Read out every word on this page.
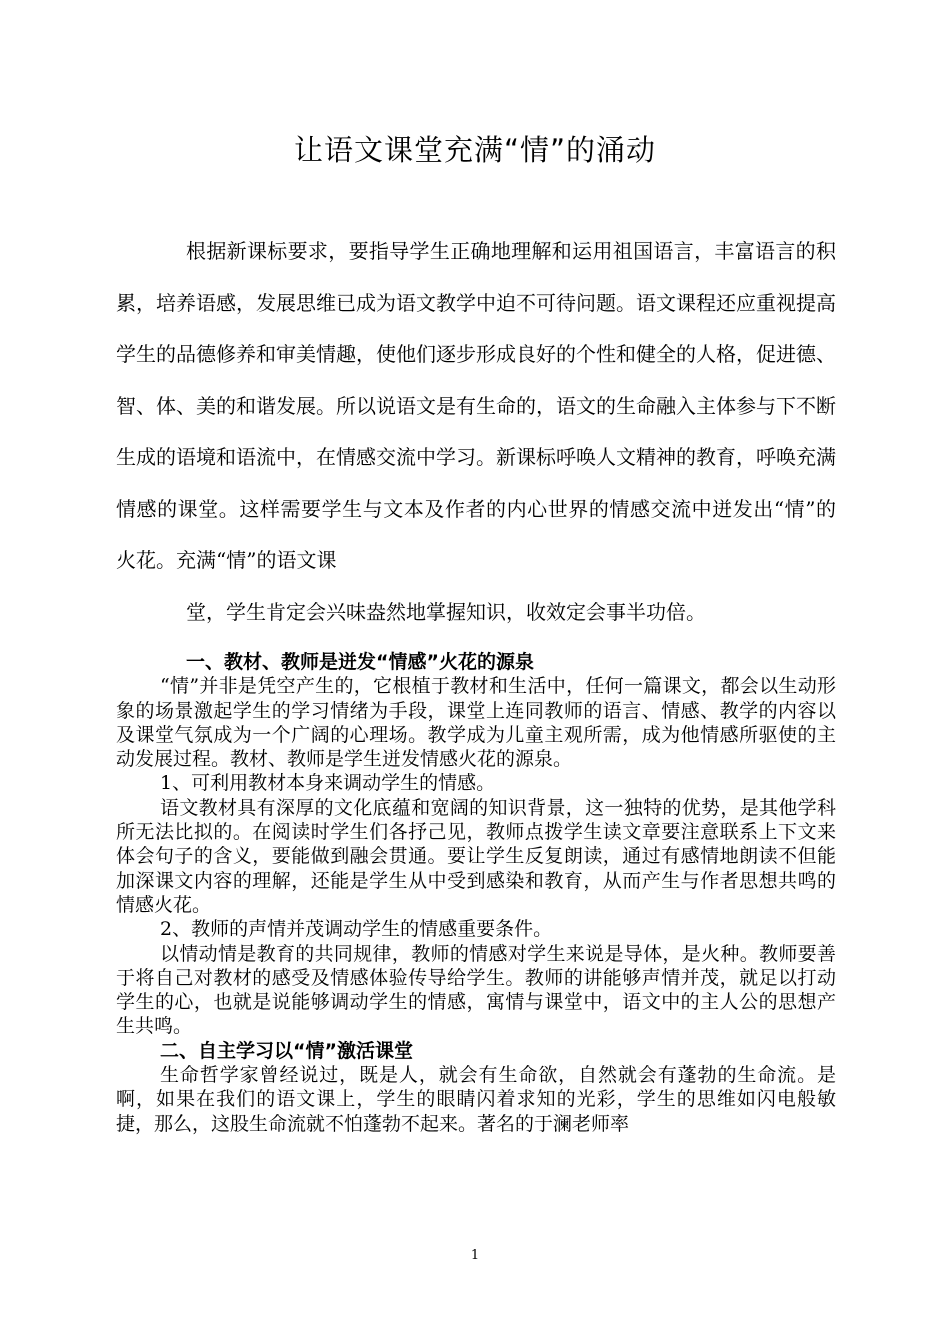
让语文课堂充满“情”的涌动
根据新课标要求，要指导学生正确地理解和运用祖国语言，丰富语言的积累，培养语感，发展思维已成为语文教学中迫不可待问题。语文课程还应重视提高学生的品德修养和审美情趣，使他们逐步形成良好的个性和健全的人格，促进德、智、体、美的和谐发展。所以说语文是有生命的，语文的生命融入主体参与下不断生成的语境和语流中，在情感交流中学习。新课标呼唤人文精神的教育，呼唤充满情感的课堂。这样需要学生与文本及作者的内心世界的情感交流中迸发出“情”的火花。充满“情”的语文课
堂，学生肯定会兴味盎然地掌握知识，收效定会事半功倍。

一、教材、教师是迸发“情感”火花的源泉

“情”并非是凭空产生的，它根植于教材和生活中，任何一篇课文，都会以生动形象的场景激起学生的学习情绪为手段，课堂上连同教师的语言、情感、教学的内容以及课堂气氛成为一个广阔的心理场。教学成为儿童主观所需，成为他情感所驱使的主动发展过程。教材、教师是学生迸发情感火花的源泉。

1、可利用教材本身来调动学生的情感。

语文教材具有深厚的文化底蕴和宽阔的知识背景，这一独特的优势，是其他学科所无法比拟的。在阅读时学生们各抒己见，教师点拨学生读文章要注意联系上下文来体会句子的含义，要能做到融会贯通。要让学生反复朗读，通过有感情地朗读不但能加深课文内容的理解，还能是学生从中受到感染和教育，从而产生与作者思想共鸣的情感火花。

2、教师的声情并茂调动学生的情感重要条件。

以情动情是教育的共同规律，教师的情感对学生来说是导体，是火种。教师要善于将自己对教材的感受及情感体验传导给学生。教师的讲能够声情并茂，就足以打动学生的心，也就是说能够调动学生的情感，寓情与课堂中，语文中的主人公的思想产生共鸣。

二、自主学习以“情”激活课堂

生命哲学家曾经说过，既是人，就会有生命欲，自然就会有蓬勃的生命流。是啊，如果在我们的语文课上，学生的眼睛闪着求知的光彩，学生的思维如闪电般敏捷，那么，这股生命流就不怕蓬勃不起来。著名的于澜老师率

1
